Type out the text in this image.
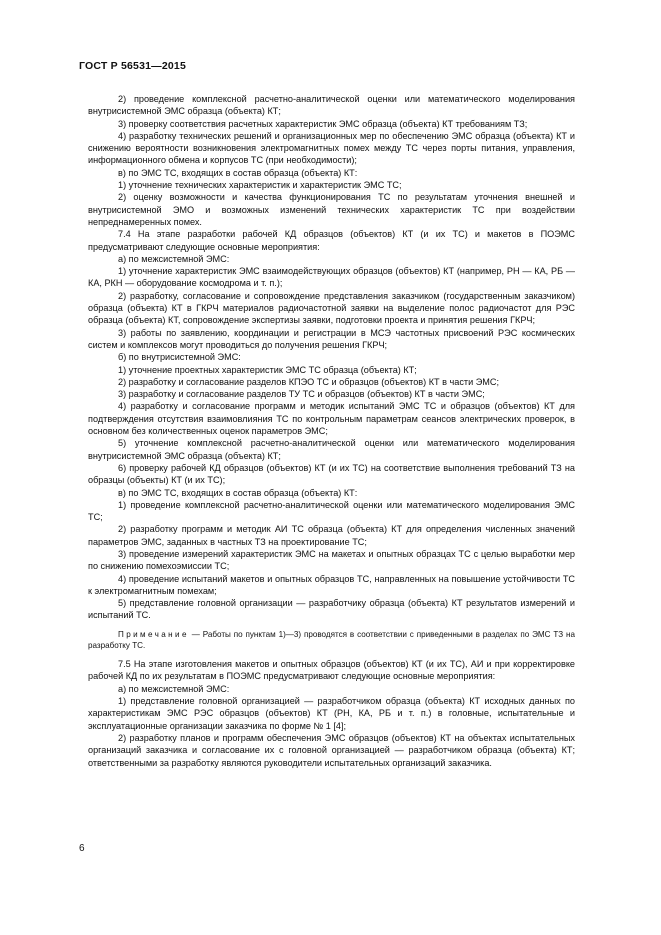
ГОСТ Р 56531—2015

2) проведение комплексной расчетно-аналитической оценки или математического моделирования внутрисистемной ЭМС образца (объекта) КТ;

3) проверку соответствия расчетных характеристик ЭМС образца (объекта) КТ требованиям ТЗ;

4) разработку технических решений и организационных мер по обеспечению ЭМС образца (объекта) КТ и снижению вероятности возникновения электромагнитных помех между ТС через порты питания, управления, информационного обмена и корпусов ТС (при необходимости);

в) по ЭМС ТС, входящих в состав образца (объекта) КТ:

1) уточнение технических характеристик и характеристик ЭМС ТС;

2) оценку возможности и качества функционирования ТС по результатам уточнения внешней и внутрисистемной ЭМО и возможных изменений технических характеристик ТС при воздействии непреднамеренных помех.

7.4 На этапе разработки рабочей КД образцов (объектов) КТ (и их ТС) и макетов в ПОЭМС предусматривают следующие основные мероприятия:

а) по межсистемной ЭМС:

1) уточнение характеристик ЭМС взаимодействующих образцов (объектов) КТ (например, РН — КА, РБ — КА, РКН — оборудование космодрома и т. п.);

2) разработку, согласование и сопровождение представления заказчиком (государственным заказчиком) образца (объекта) КТ в ГКРЧ материалов радиочастотной заявки на выделение полос радиочастот для РЭС образца (объекта) КТ, сопровождение экспертизы заявки, подготовки проекта и принятия решения ГКРЧ;

3) работы по заявлению, координации и регистрации в МСЭ частотных присвоений РЭС космических систем и комплексов могут проводиться до получения решения ГКРЧ;

б) по внутрисистемной ЭМС:

1) уточнение проектных характеристик ЭМС ТС образца (объекта) КТ;

2) разработку и согласование разделов КПЭО ТС и образцов (объектов) КТ в части ЭМС;

3) разработку и согласование разделов ТУ ТС и образцов (объектов) КТ в части ЭМС;

4) разработку и согласование программ и методик испытаний ЭМС ТС и образцов (объектов) КТ для подтверждения отсутствия взаимовлияния ТС по контрольным параметрам сеансов электрических проверок, в основном без количественных оценок параметров ЭМС;

5) уточнение комплексной расчетно-аналитической оценки или математического моделирования внутрисистемной ЭМС образца (объекта) КТ;

6) проверку рабочей КД образцов (объектов) КТ (и их ТС) на соответствие выполнения требований ТЗ на образцы (объекты) КТ (и их ТС);

в) по ЭМС ТС, входящих в состав образца (объекта) КТ:

1) проведение комплексной расчетно-аналитической оценки или математического моделирования ЭМС ТС;

2) разработку программ и методик АИ ТС образца (объекта) КТ для определения численных значений параметров ЭМС, заданных в частных ТЗ на проектирование ТС;

3) проведение измерений характеристик ЭМС на макетах и опытных образцах ТС с целью выработки мер по снижению помехоэмиссии ТС;

4) проведение испытаний макетов и опытных образцов ТС, направленных на повышение устойчивости ТС к электромагнитным помехам;

5) представление головной организации — разработчику образца (объекта) КТ результатов измерений и испытаний ТС.

Примечание — Работы по пунктам 1)—3) проводятся в соответствии с приведенными в разделах по ЭМС ТЗ на разработку ТС.

7.5 На этапе изготовления макетов и опытных образцов (объектов) КТ (и их ТС), АИ и при корректировке рабочей КД по их результатам в ПОЭМС предусматривают следующие основные мероприятия:

а) по межсистемной ЭМС:

1) представление головной организацией — разработчиком образца (объекта) КТ исходных данных по характеристикам ЭМС РЭС образцов (объектов) КТ (РН, КА, РБ и т. п.) в головные, испытательные и эксплуатационные организации заказчика по форме № 1 [4];

2) разработку планов и программ обеспечения ЭМС образцов (объектов) КТ на объектах испытательных организаций заказчика и согласование их с головной организацией — разработчиком образца (объекта) КТ; ответственными за разработку являются руководители испытательных организаций заказчика.

6
